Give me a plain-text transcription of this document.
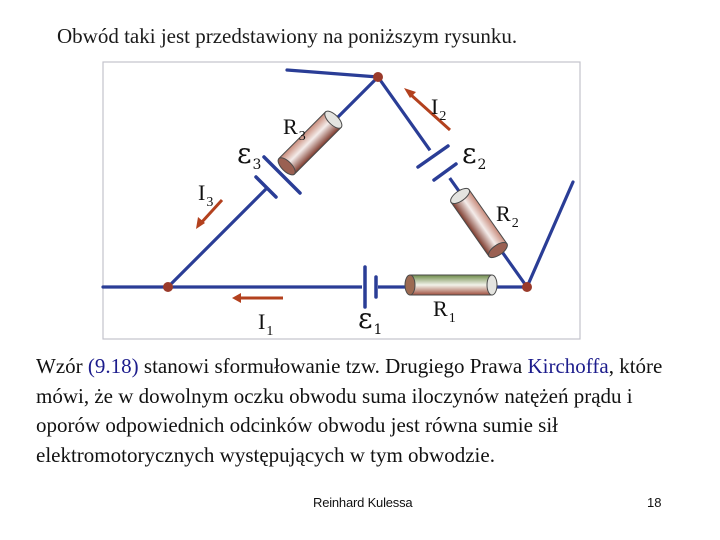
Obwód taki jest przedstawiony na poniższym rysunku.
$R_3$
$I_2$
$\varepsilon_3$	$\varepsilon_2$
$I_3$	$R_2$
$R_1$
$I_1$	$\varepsilon_1$
Wzór (9.18) stanowi sformułowanie tzw. Drugiego Prawa Kirchoffa, które mówi, że w dowolnym oczku obwodu suma iloczynów natężeń prądu i oporów odpowiednich odcinków obwodu jest równa sumie sił elektromotorycznych występujących w tym obwodzie.
Reinhard Kulessa	18
